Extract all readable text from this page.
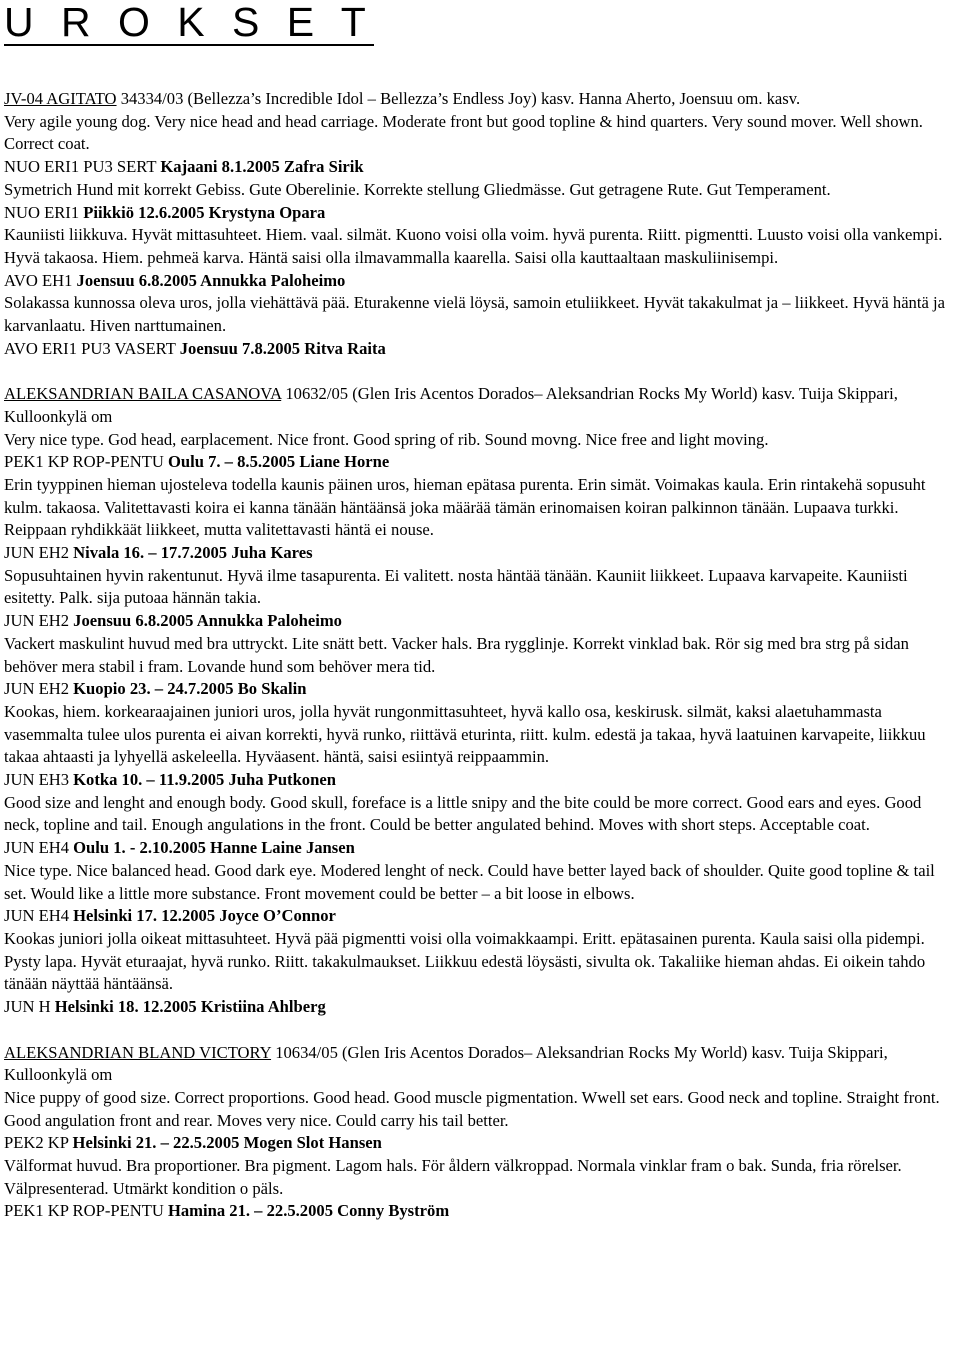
U R O K S E T

JV-04 AGITATO 34334/03 (Bellezza’s Incredible Idol – Bellezza’s Endless Joy) kasv. Hanna Aherto, Joensuu om. kasv.

Very agile young dog. Very nice head and head carriage. Moderate front but good topline & hind quarters. Very sound mover. Well shown. Correct coat.

NUO ERI1 PU3 SERT Kajaani 8.1.2005 Zafra Sirik

Symetrich Hund mit korrekt Gebiss. Gute Oberelinie. Korrekte stellung Gliedmässe. Gut getragene Rute. Gut Temperament.

NUO ERI1 Piikkiö 12.6.2005 Krystyna Opara

Kauniisti liikkuva. Hyvät mittasuhteet. Hiem. vaal. silmät. Kuono voisi olla voim. hyvä purenta. Riitt. pigmentti. Luusto voisi olla vankempi. Hyvä takaosa. Hiem. pehmeä karva. Häntä saisi olla ilmavammalla kaarella. Saisi olla kauttaaltaan maskuliinisempi.

AVO EH1 Joensuu 6.8.2005 Annukka Paloheimo

Solakassa kunnossa oleva uros, jolla viehättävä pää. Eturakenne vielä löysä, samoin etuliikkeet. Hyvät takakulmat ja – liikkeet. Hyvä häntä ja karvanlaatu. Hiven narttumainen.

AVO ERI1 PU3 VASERT Joensuu 7.8.2005 Ritva Raita

ALEKSANDRIAN BAILA CASANOVA 10632/05 (Glen Iris Acentos Dorados– Aleksandrian Rocks My World) kasv. Tuija Skippari, Kulloonkylä om

Very nice type. God head, earplacement. Nice front. Good spring of rib. Sound movng. Nice free and light moving.

PEK1 KP ROP-PENTU Oulu 7. – 8.5.2005 Liane Horne

Erin tyyppinen hieman ujosteleva todella kaunis päinen uros, hieman epätasa purenta. Erin simät. Voimakas kaula. Erin rintakehä sopusuht kulm. takaosa. Valitettavasti koira ei kanna tänään häntäänsä joka määrää tämän erinomaisen koiran palkinnon tänään. Lupaava turkki. Reippaan ryhdikkäät liikkeet, mutta valitettavasti häntä ei nouse.

JUN EH2 Nivala 16. – 17.7.2005 Juha Kares

Sopusuhtainen hyvin rakentunut. Hyvä ilme tasapurenta. Ei valitett. nosta häntää tänään. Kauniit liikkeet. Lupaava karvapeite. Kauniisti esitetty. Palk. sija putoaa hännän takia.

JUN EH2 Joensuu 6.8.2005 Annukka Paloheimo

Vackert maskulint huvud med bra uttryckt. Lite snätt bett. Vacker hals. Bra rygglinje. Korrekt vinklad bak. Rör sig med bra strg på sidan behöver mera stabil i fram. Lovande hund som behöver mera tid.

JUN EH2 Kuopio 23. – 24.7.2005 Bo Skalin

Kookas, hiem. korkearaajainen juniori uros, jolla hyvät rungonmittasuhteet, hyvä kallo osa, keskirusk. silmät, kaksi alaetuhammasta vasemmalta tulee ulos purenta ei aivan korrekti, hyvä runko, riittävä eturinta, riitt. kulm. edestä ja takaa, hyvä laatuinen karvapeite, liikkuu takaa ahtaasti ja lyhyellä askeleella. Hyväasent. häntä, saisi esiintyä reippaammin.

JUN EH3 Kotka 10. – 11.9.2005 Juha Putkonen

Good size and lenght and enough body. Good skull, foreface is a little snipy and the bite could be more correct. Good ears and eyes. Good neck, topline and tail. Enough angulations in the front. Could be better angulated behind. Moves with short steps. Acceptable coat.

JUN EH4 Oulu 1. - 2.10.2005 Hanne Laine Jansen

Nice type. Nice balanced head. Good dark eye. Modered lenght of neck. Could have better layed back of shoulder. Quite good topline & tail set. Would like a little more substance. Front movement could be better – a bit loose in elbows.

JUN EH4 Helsinki 17. 12.2005 Joyce O’Connor

Kookas juniori jolla oikeat mittasuhteet. Hyvä pää pigmentti voisi olla voimakkaampi. Eritt. epätasainen purenta. Kaula saisi olla pidempi. Pysty lapa. Hyvät eturaajat, hyvä runko. Riitt. takakulmaukset. Liikkuu edestä löysästi, sivulta ok. Takaliike hieman ahdas. Ei oikein tahdo tänään näyttää häntäänsä.

JUN H Helsinki 18. 12.2005 Kristiina Ahlberg

ALEKSANDRIAN BLAND VICTORY 10634/05 (Glen Iris Acentos Dorados– Aleksandrian Rocks My World) kasv. Tuija Skippari, Kulloonkylä om

Nice puppy of good size. Correct proportions. Good head. Good muscle pigmentation. Wwell set ears. Good neck and topline. Straight front. Good angulation front and rear. Moves very nice. Could carry his tail better.

PEK2 KP Helsinki 21. – 22.5.2005 Mogen Slot Hansen

Välformat huvud. Bra proportioner. Bra pigment. Lagom hals. För åldern välkroppad. Normala vinklar fram o bak. Sunda, fria rörelser. Välpresenterad. Utmärkt kondition o päls.

PEK1 KP ROP-PENTU Hamina 21. – 22.5.2005 Conny Byström
